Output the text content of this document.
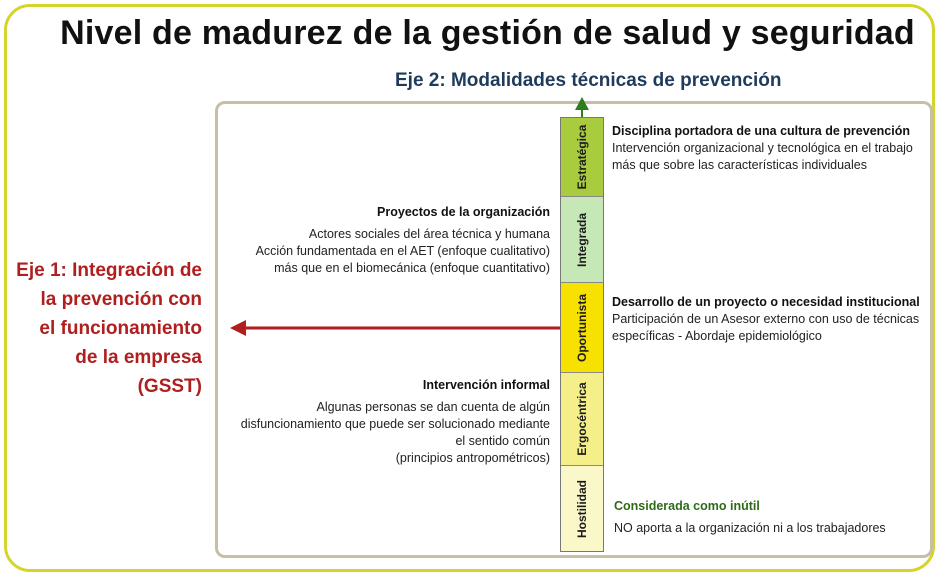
Nivel de madurez de la gestión de salud y seguridad
Eje 2: Modalidades técnicas de prevención
Eje 1: Integración de
la prevención con
el funcionamiento
de la empresa
(GSST)
Estratégica
Integrada
Oportunista
Ergocéntrica
Hostilidad
Disciplina portadora de una cultura de prevención
Intervención organizacional y tecnológica en el trabajo
más que sobre las características individuales
Proyectos de la organización
Actores sociales del área técnica y humana
Acción fundamentada en el AET (enfoque cualitativo)
más que en el biomecánica (enfoque cuantitativo)
Desarrollo de un proyecto o necesidad institucional
Participación de un Asesor externo con uso de técnicas
específicas - Abordaje epidemiológico
Intervención informal
Algunas personas se dan cuenta de algún
disfuncionamiento que puede ser solucionado mediante
el sentido común
(principios antropométricos)
Considerada como inútil
NO aporta a la organización ni a los trabajadores
